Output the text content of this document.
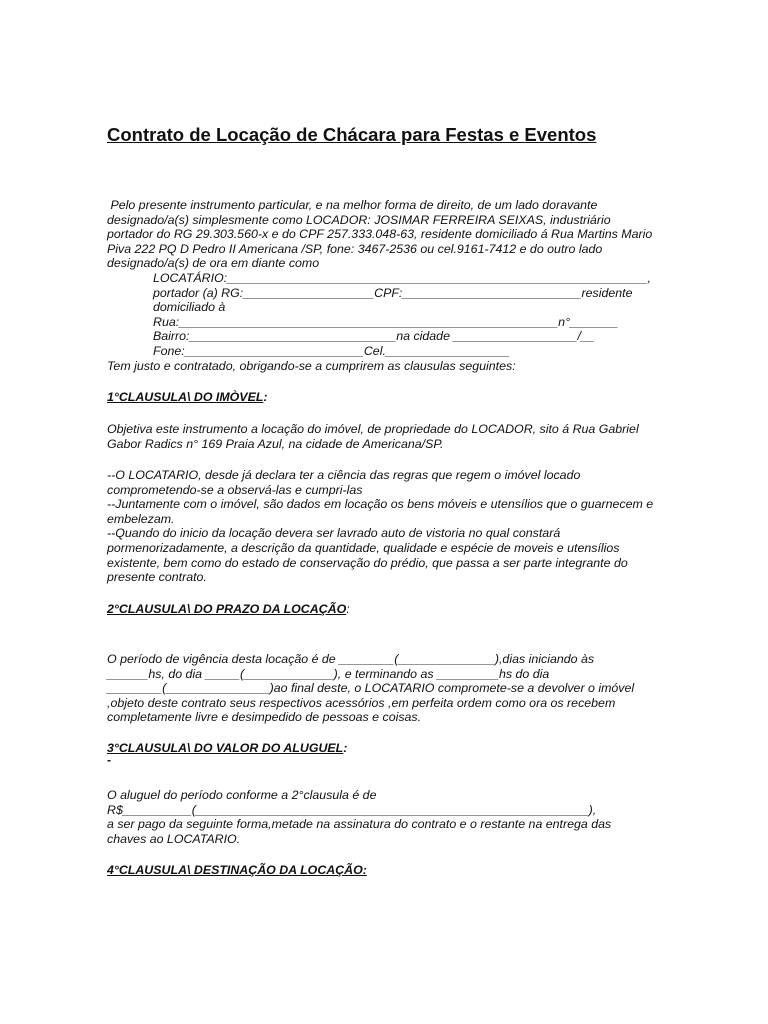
Contrato de Locação de Chácara para Festas e Eventos
Pelo presente instrumento particular, e na melhor forma de direito, de um lado doravante
designado/a(s) simplesmente como LOCADOR: JOSIMAR FERREIRA SEIXAS, industriário
portador do RG 29.303.560-x e do CPF 257.333.048-63, residente domiciliado á Rua Martins Mario
Piva 222 PQ D Pedro II Americana /SP, fone: 3467-2536 ou cel.9161-7412 e do outro lado
designado/a(s) de ora em diante como
LOCATÁRIO:_____________________________________________________________,
portador (a) RG:___________________CPF:__________________________residente
domiciliado à
Rua:_______________________________________________________n°_______
Bairro:______________________________na cidade __________________/__
Fone:__________________________Cel.__________________
Tem justo e contratado, obrigando-se a cumprirem as clausulas seguintes:
1°CLAUSULA\ DO IMÒVEL:
Objetiva este instrumento a locação do imóvel, de propriedade do LOCADOR, sito á Rua Gabriel
Gabor Radics n° 169 Praia Azul, na cidade de Americana/SP.
--O LOCATARIO, desde já declara ter a ciência das regras que regem o imóvel locado
comprometendo-se a observá-las e cumpri-las
--Juntamente com o imóvel, são dados em locação os bens móveis e utensílios que o guarnecem e
embelezam.
--Quando do inicio da locação devera ser lavrado auto de vistoria no qual constará
pormenorizadamente, a descrição da quantidade, qualidade e espécie de moveis e utensílios
existente, bem como do estado de conservação do prédio, que passa a ser parte integrante do
presente contrato.
2°CLAUSULA\ DO PRAZO DA LOCAÇÃO:
O período de vigência desta locação é de ________(______________),dias iniciando às
______hs, do dia _____(_____________), e terminando as _________hs do dia
________(_______________)ao final deste, o LOCATARIO compromete-se a devolver o imóvel
,objeto deste contrato seus respectivos acessórios ,em perfeita ordem como ora os recebem
completamente livre e desimpedido de pessoas e coisas.
3°CLAUSULA\ DO VALOR DO ALUGUEL:
-
O aluguel do período conforme a 2°clausula é de
R$__________(_________________________________________________________),
a ser pago da seguinte forma,metade na assinatura do contrato e o restante na entrega das
chaves ao LOCATARIO.
4°CLAUSULA\ DESTINAÇÃO DA LOCAÇÃO:
